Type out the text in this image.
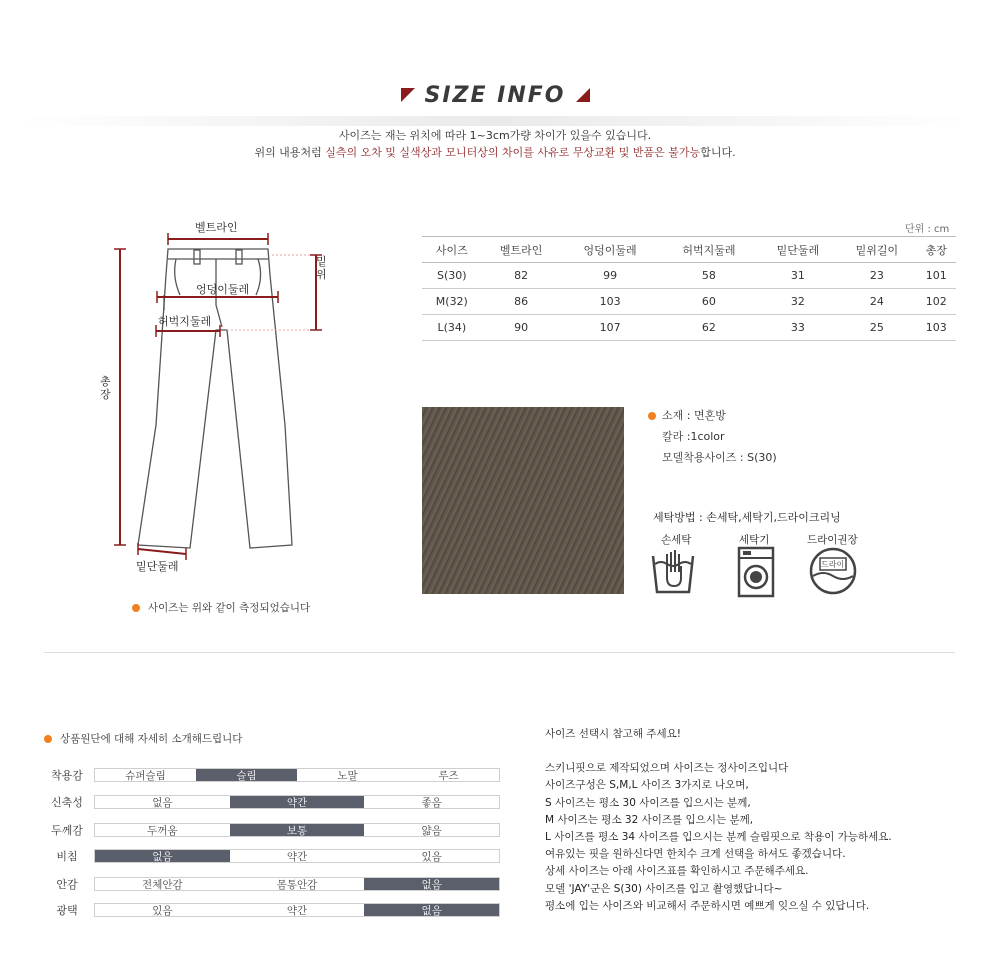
SIZE INFO
사이즈는 재는 위치에 따라 1~3cm가량 차이가 있을수 있습니다.
위의 내용처럼 실측의 오차 및 실색상과 모니터상의 차이를 사유로 무상교환 및 반품은 불가능합니다.
벨트라인
엉덩이둘레
허벅지둘레
밑위
총장
밑단둘레
사이즈는 위와 같이 측정되었습니다
단위 : cm
사이즈	벨트라인	엉덩이둘레	허벅지둘레	밑단둘레	밑위길이	총장
S(30)	82	99	58	31	23	101
M(32)	86	103	60	32	24	102
L(34)	90	107	62	33	25	103
소재 : 면혼방
칼라 :1color
모델착용사이즈 : S(30)
세탁방법 : 손세탁,세탁기,드라이크리닝
손세탁	세탁기	드라이권장
드라이
상품원단에 대해 자세히 소개해드립니다
착용감	슈퍼슬림	슬림	노말	루즈
신축성	없음	약간	좋음
두께감	두꺼움	보통	얇음
비침	없음	약간	있음
안감	전체안감	몸통안감	없음
광택	있음	약간	없음
사이즈 선택시 참고해 주세요!
스키니핏으로 제작되었으며 사이즈는 정사이즈입니다
사이즈구성은 S,M,L 사이즈 3가지로 나오며,
S 사이즈는 평소 30 사이즈를 입으시는 분께,
M 사이즈는 평소 32 사이즈를 입으시는 분께,
L 사이즈를 평소 34 사이즈를 입으시는 분께 슬림핏으로 착용이 가능하세요.
여유있는 핏을 원하신다면 한치수 크게 선택을 하셔도 좋겠습니다.
상세 사이즈는 아래 사이즈표를 확인하시고 주문해주세요.
모델 'JAY'군은 S(30) 사이즈를 입고 촬영했답니다~
평소에 입는 사이즈와 비교해서 주문하시면 예쁘게 잊으실 수 있답니다.
